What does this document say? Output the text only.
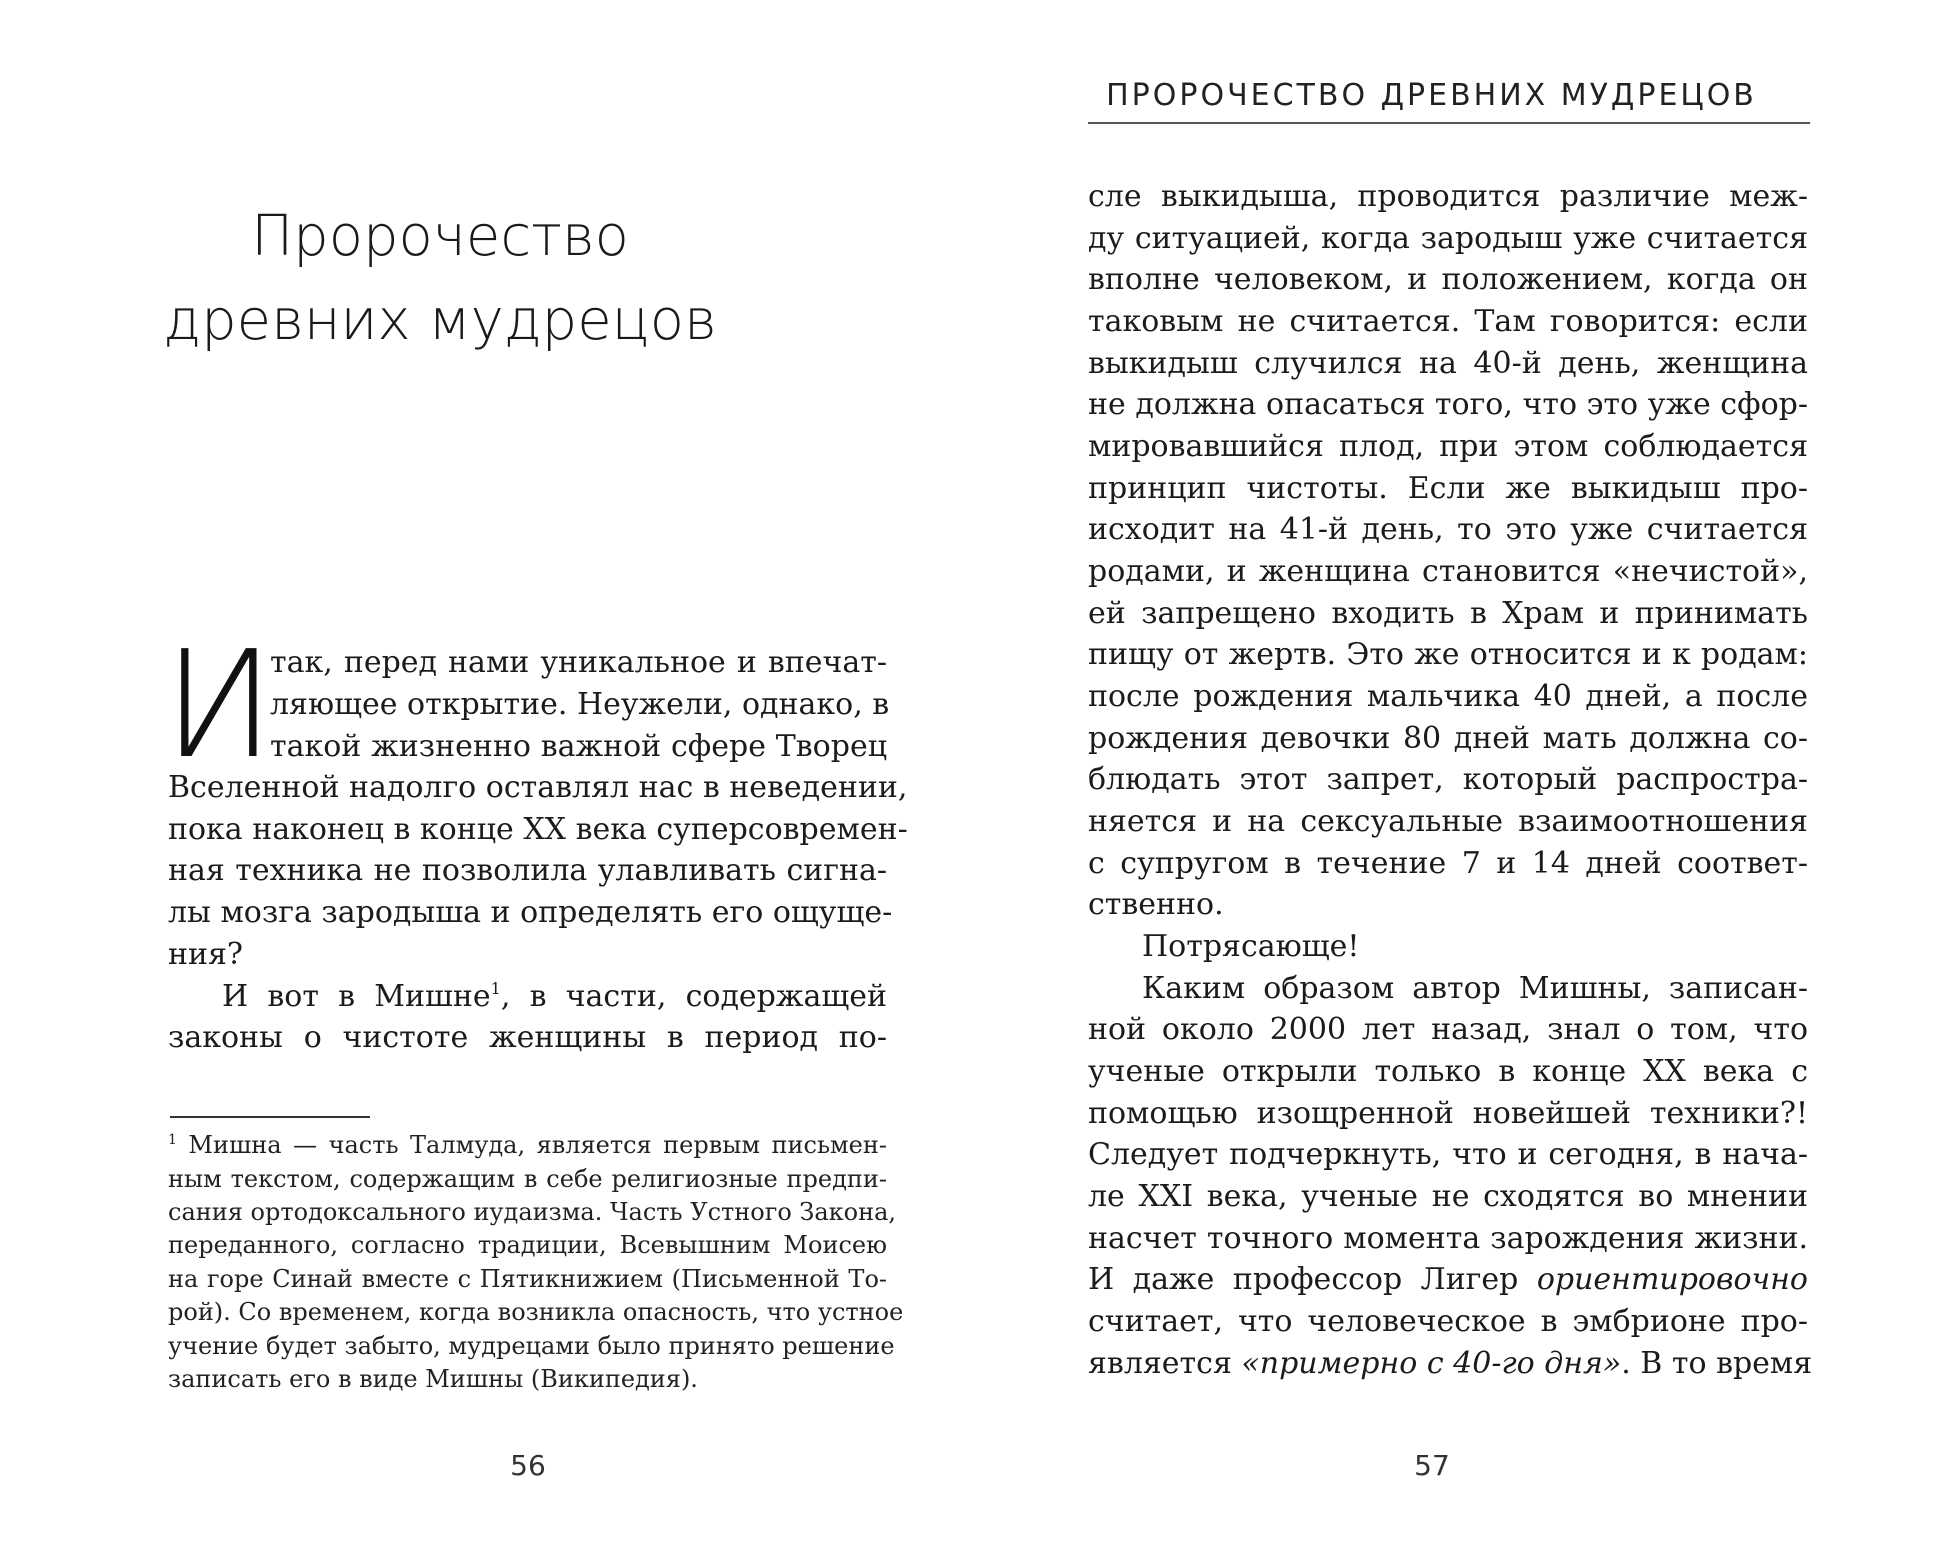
Пророчество
древних мудрецов
И
так, перед нами уникальное и впечат-
ляющее открытие. Неужели, однако, в
такой жизненно важной сфере Творец
Вселенной надолго оставлял нас в неведении,
пока наконец в конце XX века суперсовремен-
ная техника не позволила улавливать сигна-
лы мозга зародыша и определять его ощуще-
ния?
И вот в Мишне$^1$, в части, содержащей
законы о чистоте женщины в период по-
$^1$ Мишна — часть Талмуда, является первым письмен-
ным текстом, содержащим в себе религиозные предпи-
сания ортодоксального иудаизма. Часть Устного Закона,
переданного, согласно традиции, Всевышним Моисею
на горе Синай вместе с Пятикнижием (Письменной То-
рой). Со временем, когда возникла опасность, что устное
учение будет забыто, мудрецами было принято решение
записать его в виде Мишны (Википедия).
56
ПРОРОЧЕСТВО ДРЕВНИХ МУДРЕЦОВ
сле выкидыша, проводится различие меж-
ду ситуацией, когда зародыш уже считается
вполне человеком, и положением, когда он
таковым не считается. Там говорится: если
выкидыш случился на 40-й день, женщина
не должна опасаться того, что это уже сфор-
мировавшийся плод, при этом соблюдается
принцип чистоты. Если же выкидыш про-
исходит на 41-й день, то это уже считается
родами, и женщина становится «нечистой»,
ей запрещено входить в Храм и принимать
пищу от жертв. Это же относится и к родам:
после рождения мальчика 40 дней, а после
рождения девочки 80 дней мать должна со-
блюдать этот запрет, который распростра-
няется и на сексуальные взаимоотношения
с супругом в течение 7 и 14 дней соответ-
ственно.
Потрясающе!
Каким образом автор Мишны, записан-
ной около 2000 лет назад, знал о том, что
ученые открыли только в конце XX века с
помощью изощренной новейшей техники?!
Следует подчеркнуть, что и сегодня, в нача-
ле XXI века, ученые не сходятся во мнении
насчет точного момента зарождения жизни.
И даже профессор Лигер ориентировочно
считает, что человеческое в эмбрионе про-
являетcя «примерно с 40-го дня». В то время
57
